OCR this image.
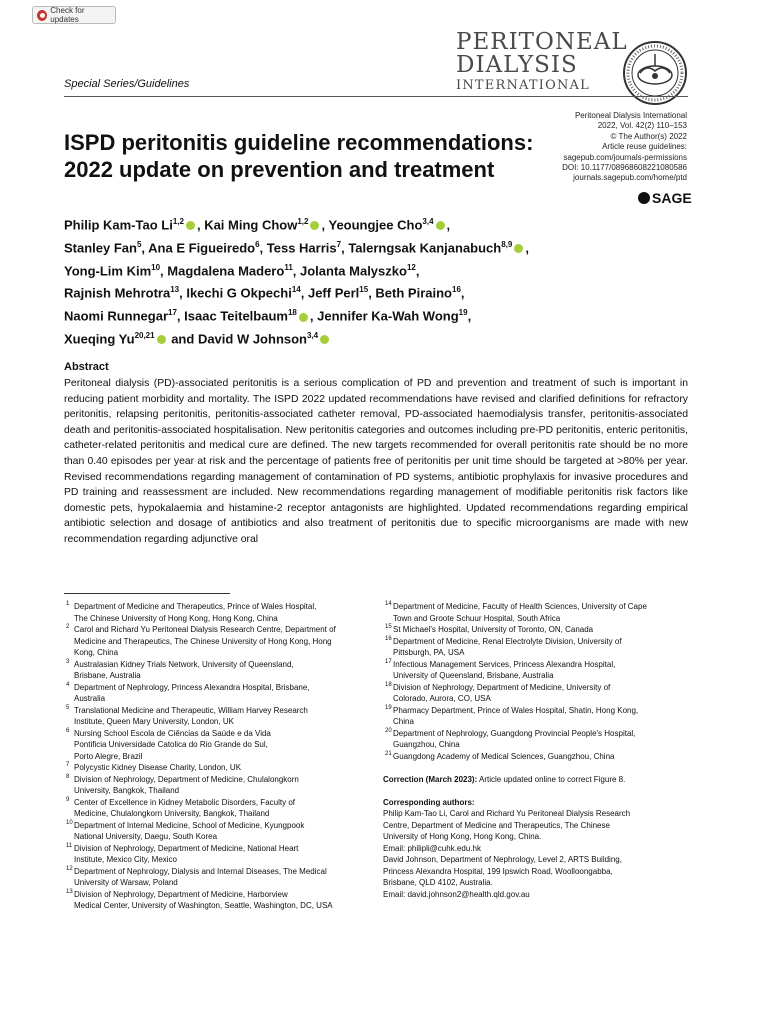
Check for updates
PERITONEAL
DIALYSIS
INTERNATIONAL
Special Series/Guidelines
Peritoneal Dialysis International
2022, Vol. 42(2) 110–153
© The Author(s) 2022
Article reuse guidelines:
sagepub.com/journals-permissions
DOI: 10.1177/08968608221080586
journals.sagepub.com/home/ptd
SAGE
ISPD peritonitis guideline recommendations: 2022 update on prevention and treatment
Philip Kam-Tao Li$^{1,2}$ , Kai Ming Chow$^{1,2}$ , Yeoungjee Cho$^{3,4}$ ,
Stanley Fan$^5$, Ana E Figueiredo$^6$, Tess Harris$^7$, Talerngsak Kanjanabuch$^{8,9}$ ,
Yong-Lim Kim$^{10}$, Magdalena Madero$^{11}$, Jolanta Malyszko$^{12}$,
Rajnish Mehrotra$^{13}$, Ikechi G Okpechi$^{14}$, Jeff Perl$^{15}$, Beth Piraino$^{16}$,
Naomi Runnegar$^{17}$, Isaac Teitelbaum$^{18}$ , Jennifer Ka-Wah Wong$^{19}$,
Xueqing Yu$^{20,21}$ and David W Johnson$^{3,4}$
Abstract
Peritoneal dialysis (PD)-associated peritonitis is a serious complication of PD and prevention and treatment of such is important in reducing patient morbidity and mortality. The ISPD 2022 updated recommendations have revised and clarified definitions for refractory peritonitis, relapsing peritonitis, peritonitis-associated catheter removal, PD-associated haemodialysis transfer, peritonitis-associated death and peritonitis-associated hospitalisation. New peritonitis categories and outcomes including pre-PD peritonitis, enteric peritonitis, catheter-related peritonitis and medical cure are defined. The new targets recommended for overall peritonitis rate should be no more than 0.40 episodes per year at risk and the percentage of patients free of peritonitis per unit time should be targeted at >80% per year. Revised recommendations regarding management of contamination of PD systems, antibiotic prophylaxis for invasive procedures and PD training and reassessment are included. New recommendations regarding management of modifiable peritonitis risk factors like domestic pets, hypokalaemia and histamine-2 receptor antagonists are highlighted. Updated recommendations regarding empirical antibiotic selection and dosage of antibiotics and also treatment of peritonitis due to specific microorganisms are made with new recommendation regarding adjunctive oral
1 Department of Medicine and Therapeutics, Prince of Wales Hospital,
The Chinese University of Hong Kong, Hong Kong, China
2 Carol and Richard Yu Peritoneal Dialysis Research Centre, Department of
Medicine and Therapeutics, The Chinese University of Hong Kong, Hong
Kong, China
3 Australasian Kidney Trials Network, University of Queensland,
Brisbane, Australia
4 Department of Nephrology, Princess Alexandra Hospital, Brisbane,
Australia
5 Translational Medicine and Therapeutic, William Harvey Research
Institute, Queen Mary University, London, UK
6 Nursing School Escola de Ciências da Saúde e da Vida
Pontificia Universidade Catolica do Rio Grande do Sul,
Porto Alegre, Brazil
7 Polycystic Kidney Disease Charity, London, UK
8 Division of Nephrology, Department of Medicine, Chulalongkorn
University, Bangkok, Thailand
9 Center of Excellence in Kidney Metabolic Disorders, Faculty of
Medicine, Chulalongkorn University, Bangkok, Thailand
10 Department of Internal Medicine, School of Medicine, Kyungpook
National University, Daegu, South Korea
11 Division of Nephrology, Department of Medicine, National Heart
Institute, Mexico City, Mexico
12 Department of Nephrology, Dialysis and Internal Diseases, The Medical
University of Warsaw, Poland
13 Division of Nephrology, Department of Medicine, Harborview
Medical Center, University of Washington, Seattle, Washington, DC, USA
14 Department of Medicine, Faculty of Health Sciences, University of Cape
Town and Groote Schuur Hospital, South Africa
15 St Michael's Hospital, University of Toronto, ON, Canada
16 Department of Medicine, Renal Electrolyte Division, University of
Pittsburgh, PA, USA
17 Infectious Management Services, Princess Alexandra Hospital,
University of Queensland, Brisbane, Australia
18 Division of Nephrology, Department of Medicine, University of
Colorado, Aurora, CO, USA
19 Pharmacy Department, Prince of Wales Hospital, Shatin, Hong Kong,
China
20 Department of Nephrology, Guangdong Provincial People's Hospital,
Guangzhou, China
21 Guangdong Academy of Medical Sciences, Guangzhou, China
Correction (March 2023): Article updated online to correct Figure 8.
Corresponding authors:
Philip Kam-Tao Li, Carol and Richard Yu Peritoneal Dialysis Research
Centre, Department of Medicine and Therapeutics, The Chinese
University of Hong Kong, Hong Kong, China.
Email: philipli@cuhk.edu.hk
David Johnson, Department of Nephrology, Level 2, ARTS Building,
Princess Alexandra Hospital, 199 Ipswich Road, Woolloongabba,
Brisbane, QLD 4102, Australia.
Email: david.johnson2@health.qld.gov.au
